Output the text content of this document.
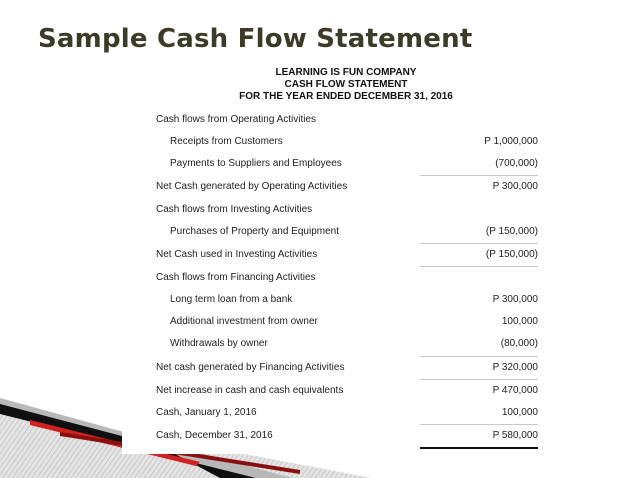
Sample Cash Flow Statement
LEARNING IS FUN COMPANY
CASH FLOW STATEMENT
FOR THE YEAR ENDED DECEMBER 31, 2016
Cash flows from Operating Activities
Receipts from Customers	P 1,000,000
Payments to Suppliers and Employees	(700,000)
Net Cash generated by Operating Activities	P 300,000
Cash flows from Investing Activities
Purchases of Property and Equipment	(P 150,000)
Net Cash used in Investing Activities	(P 150,000)
Cash flows from Financing Activities
Long term loan from a bank	P 300,000
Additional investment from owner	100,000
Withdrawals by owner	(80,000)
Net cash generated by Financing Activities	P 320,000
Net increase in cash and cash equivalents	P 470,000
Cash, January 1, 2016	100,000
Cash, December 31, 2016	P 580,000
